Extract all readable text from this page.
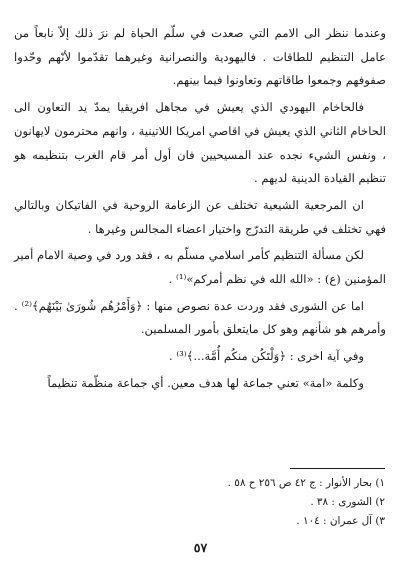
وعندما ننظر الى الامم التي صعدت في سلّم الحياة لم نرَ ذلك إلاّ نابعاً من عامل التنظيم للطاقات . فاليهودية والنصرانية وغيرهما تقدّموا لأنّهم وحّدوا صفوفهم وجمعوا طاقاتهم وتعاونوا فيما بينهم.

فالحاخام اليهودي الذي يعيش في مجاهل افريقيا يمدّ يد التعاون الى الحاخام الثاني الذي يعيش في اقاصي امريكا اللاتينية ، وانهم محترمون لايهانون ، ونفس الشيء نجده عند المسيحيين فان أول أمر قام الغرب بتنظيمه هو تنظيم القيادة الدينية لديهم .

ان المرجعية الشيعية تختلف عن الزعامة الروحية في الفاتيكان وبالتالي فهي تختلف في طريقة التدرّج واختيار اعضاء المجالس وغيرها .

لكن مسألة التنظيم كأمر اسلامي مسلّم به ، فقد ورد في وصية الامام أمير المؤمنين (ع) : «الله الله في نظم أمركم»⁽¹⁾ .

اما عن الشورى فقد وردت عدة نصوص منها : ﴿وَأَمْرُهُم شُورَىٰ بَيْنَهُم﴾⁽²⁾ . وأمرهم هو شأنهم وهو كل مايتعلق بأمور المسلمين.

وفي آية اخرى : ﴿وَلْتَكُن منكُم أُمَّة...﴾⁽³⁾ .

وكلمة «امة» تعني جماعة لها هدف معين. أي جماعة منظّمة تنظيماً

١) بحار الأنوار : ج ٤٢ ص ٢٥٦ ح ٥٨ .
٢) الشورى : ٣٨ .
٣) آل عمران : ١٠٤ .
٥٧
